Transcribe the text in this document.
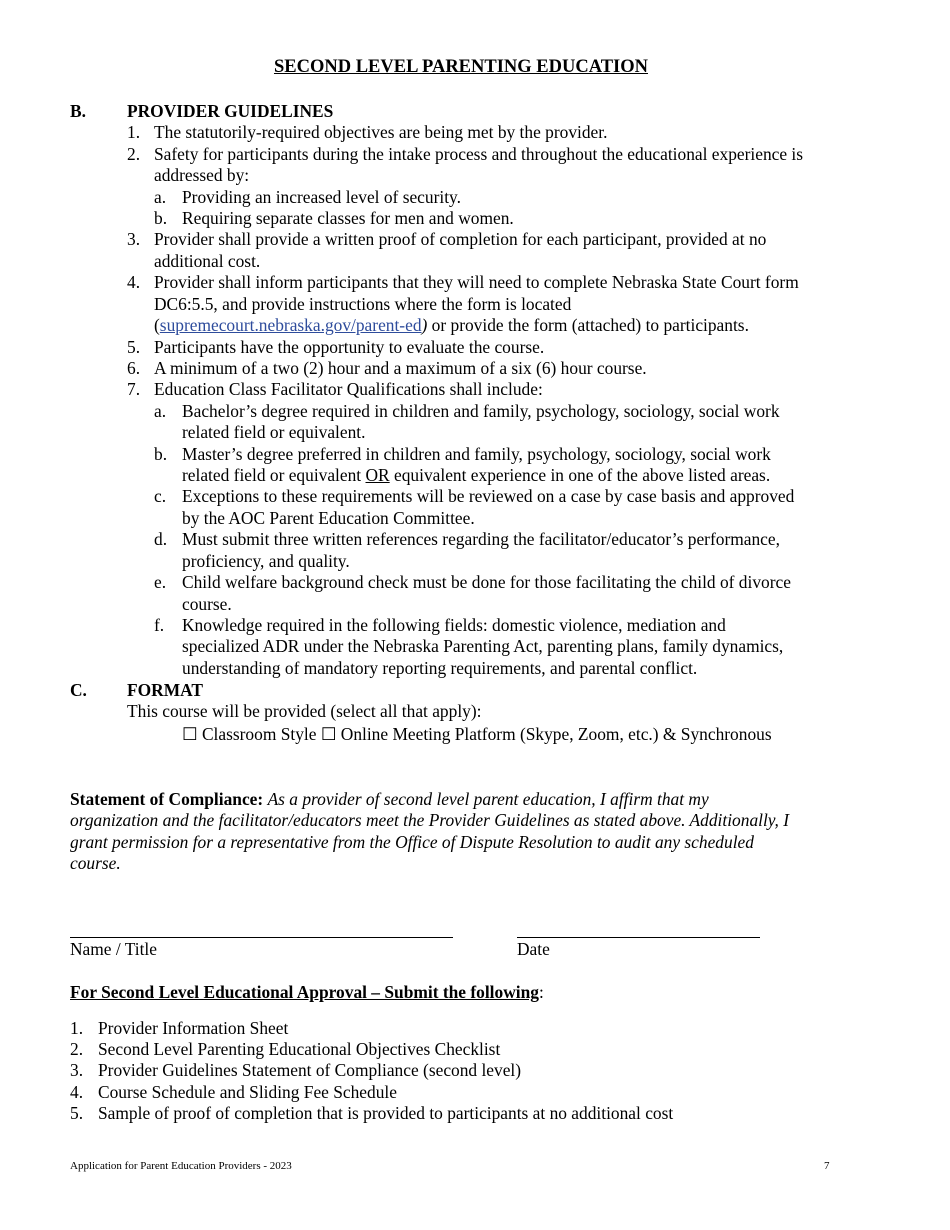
SECOND LEVEL PARENTING EDUCATION
B. PROVIDER GUIDELINES
1. The statutorily-required objectives are being met by the provider.
2. Safety for participants during the intake process and throughout the educational experience is
addressed by:
a. Providing an increased level of security.
b. Requiring separate classes for men and women.
3. Provider shall provide a written proof of completion for each participant, provided at no
additional cost.
4. Provider shall inform participants that they will need to complete Nebraska State Court form
DC6:5.5, and provide instructions where the form is located
(supremecourt.nebraska.gov/parent-ed) or provide the form (attached) to participants.
5. Participants have the opportunity to evaluate the course.
6. A minimum of a two (2) hour and a maximum of a six (6) hour course.
7. Education Class Facilitator Qualifications shall include:
a. Bachelor’s degree required in children and family, psychology, sociology, social work
related field or equivalent.
b. Master’s degree preferred in children and family, psychology, sociology, social work
related field or equivalent OR equivalent experience in one of the above listed areas.
c. Exceptions to these requirements will be reviewed on a case by case basis and approved
by the AOC Parent Education Committee.
d. Must submit three written references regarding the facilitator/educator’s performance,
proficiency, and quality.
e. Child welfare background check must be done for those facilitating the child of divorce
course.
f.	Knowledge required in the following fields: domestic violence, mediation and
specialized ADR under the Nebraska Parenting Act, parenting plans, family dynamics,
understanding of mandatory reporting requirements, and parental conflict.
C. FORMAT
This course will be provided (select all that apply):
☐ Classroom Style ☐ Online Meeting Platform (Skype, Zoom, etc.) & Synchronous
Statement of Compliance: As a provider of second level parent education, I affirm that my
organization and the facilitator/educators meet the Provider Guidelines as stated above. Additionally, I
grant permission for a representative from the Office of Dispute Resolution to audit any scheduled
course.
Name / Title	Date
For Second Level Educational Approval – Submit the following:
1. Provider Information Sheet
2. Second Level Parenting Educational Objectives Checklist
3. Provider Guidelines Statement of Compliance (second level)
4. Course Schedule and Sliding Fee Schedule
5. Sample of proof of completion that is provided to participants at no additional cost
Application for Parent Education Providers - 2023	7
